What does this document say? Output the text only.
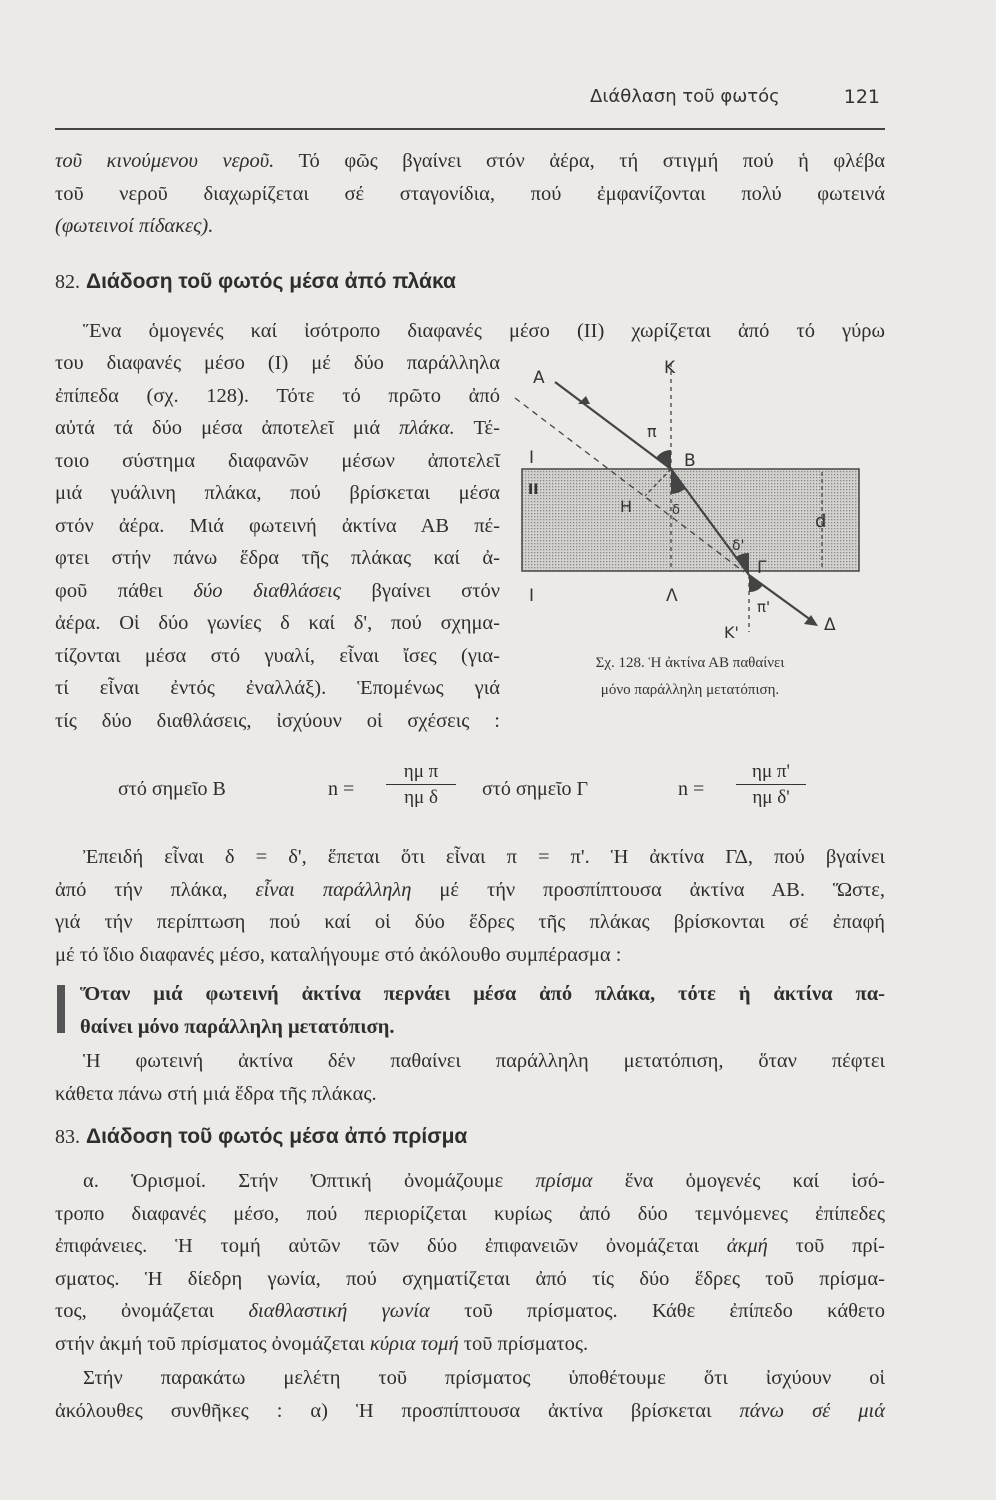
Διάθλαση τοῦ φωτός	121
τοῦ κινούμενου νεροῦ. Τό φῶς βγαίνει στόν ἀέρα, τή στιγμή πού ἡ φλέβα
τοῦ νεροῦ διαχωρίζεται σέ σταγονίδια, πού ἐμφανίζονται πολύ φωτεινά
(φωτεινοί πίδακες).
82. Διάδοση τοῦ φωτός μέσα ἀπό πλάκα
Ἕνα ὁμογενές καί ἰσότροπο διαφανές μέσο (ΙΙ) χωρίζεται ἀπό τό γύρω
του διαφανές μέσο (Ι) μέ δύο παράλληλα
ἐπίπεδα (σχ. 128). Τότε τό πρῶτο ἀπό
αὐτά τά δύο μέσα ἀποτελεῖ μιά πλάκα. Τέ-
τοιο σύστημα διαφανῶν μέσων ἀποτελεῖ
μιά γυάλινη πλάκα, πού βρίσκεται μέσα
στόν ἀέρα. Μιά φωτεινή ἀκτίνα ΑΒ πέ-
φτει στήν πάνω ἕδρα τῆς πλάκας καί ἀ-
φοῦ πάθει δύο διαθλάσεις βγαίνει στόν
ἀέρα. Οἱ δύο γωνίες δ καί δ', πού σχημα-
τίζονται μέσα στό γυαλί, εἶναι ἴσες (για-
τί εἶναι ἐντός ἐναλλάξ). Ἑπομένως γιά
τίς δύο διαθλάσεις, ἰσχύουν οἱ σχέσεις :
A	K
π
I	B
II
H	δ
δ'
d
Γ
I	Λ
π'
K'	Δ
Σχ. 128. Ἡ ἀκτίνα ΑΒ παθαίνει
μόνο παράλληλη μετατόπιση.
στό σημεῖο Β	$n = \frac{\text{ημ π}}{\text{ημ δ}}$ στό σημεῖο Γ	$n = \frac{\text{ημ π'}}{\text{ημ δ'}}$
Ἐπειδή εἶναι δ = δ', ἕπεται ὅτι εἶναι π = π'. Ἡ ἀκτίνα ΓΔ, πού βγαίνει
ἀπό τήν πλάκα, εἶναι παράλληλη μέ τήν προσπίπτουσα ἀκτίνα ΑΒ. Ὥστε,
γιά τήν περίπτωση πού καί οἱ δύο ἕδρες τῆς πλάκας βρίσκονται σέ ἐπαφή
μέ τό ἴδιο διαφανές μέσο, καταλήγουμε στό ἀκόλουθο συμπέρασμα :
Ὅταν μιά φωτεινή ἀκτίνα περνάει μέσα ἀπό πλάκα, τότε ἡ ἀκτίνα πα-
θαίνει μόνο παράλληλη μετατόπιση.
Ἡ φωτεινή ἀκτίνα δέν παθαίνει παράλληλη μετατόπιση, ὅταν πέφτει
κάθετα πάνω στή μιά ἕδρα τῆς πλάκας.
83. Διάδοση τοῦ φωτός μέσα ἀπό πρίσμα
α. Ὁρισμοί. Στήν Ὀπτική ὀνομάζουμε πρίσμα ἕνα ὁμογενές καί ἰσό-
τροπο διαφανές μέσο, πού περιορίζεται κυρίως ἀπό δύο τεμνόμενες ἐπίπεδες
ἐπιφάνειες. Ἡ τομή αὐτῶν τῶν δύο ἐπιφανειῶν ὀνομάζεται ἀκμή τοῦ πρί-
σματος. Ἡ δίεδρη γωνία, πού σχηματίζεται ἀπό τίς δύο ἕδρες τοῦ πρίσμα-
τος, ὀνομάζεται διαθλαστική γωνία τοῦ πρίσματος. Κάθε ἐπίπεδο κάθετο
στήν ἀκμή τοῦ πρίσματος ὀνομάζεται κύρια τομή τοῦ πρίσματος.
Στήν παρακάτω μελέτη τοῦ πρίσματος ὑποθέτουμε ὅτι ἰσχύουν οἱ
ἀκόλουθες συνθῆκες : α) Ἡ προσπίπτουσα ἀκτίνα βρίσκεται πάνω σέ μιά
